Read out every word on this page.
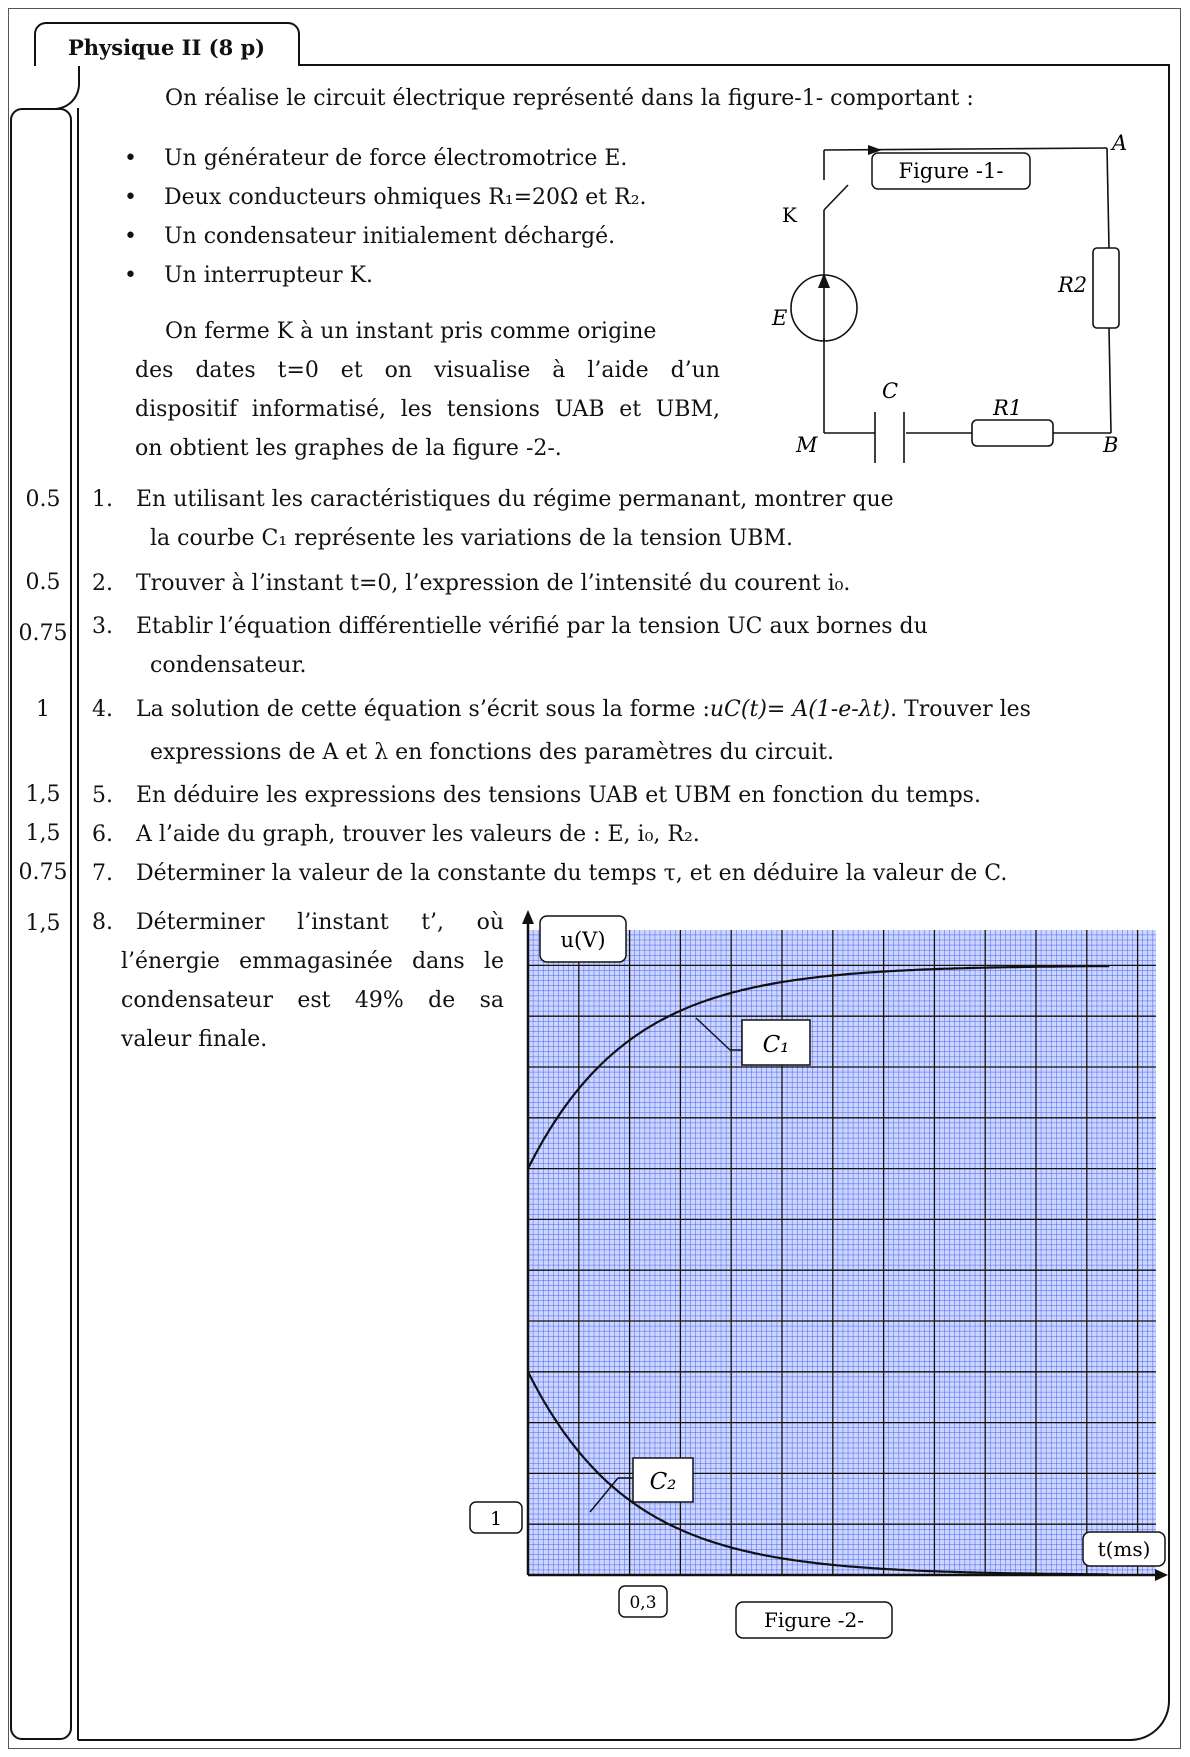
Physique II (8 p)
On réalise le circuit électrique représenté dans la figure-1- comportant :
• Un générateur de force électromotrice E.
• Deux conducteurs ohmiques R₁=20Ω et R₂.
• Un condensateur initialement déchargé.
• Un interrupteur K.
On ferme K à un instant pris comme origine
des dates t=0 et on visualise à l’aide d’un
dispositif informatisé, les tensions UAB et UBM,
on obtient les graphes de la figure -2-.
Figure -1-
A
B
M
K
E
C
R1
R2
0.5
0.5
0.75
1
1,5
1,5
0.75
1,5
1. En utilisant les caractéristiques du régime permanant, montrer que
la courbe C₁ représente les variations de la tension UBM.
2. Trouver à l’instant t=0, l’expression de l’intensité du courent i₀.
3. Etablir l’équation différentielle vérifié par la tension UC aux bornes du
condensateur.
4. La solution de cette équation s’écrit sous la forme :uC(t)= A(1-e-λt). Trouver les
expressions de A et λ en fonctions des paramètres du circuit.
5. En déduire les expressions des tensions UAB et UBM en fonction du temps.
6. A l’aide du graph, trouver les valeurs de : E, i₀, R₂.
7. Déterminer la valeur de la constante du temps τ, et en déduire la valeur de C.
8. Déterminer l’instant t’, où
l’énergie emmagasinée dans le
condensateur est 49% de sa
valeur finale.
u(V)
t(ms)
1
0,3
C₁
C₂
Figure -2-
